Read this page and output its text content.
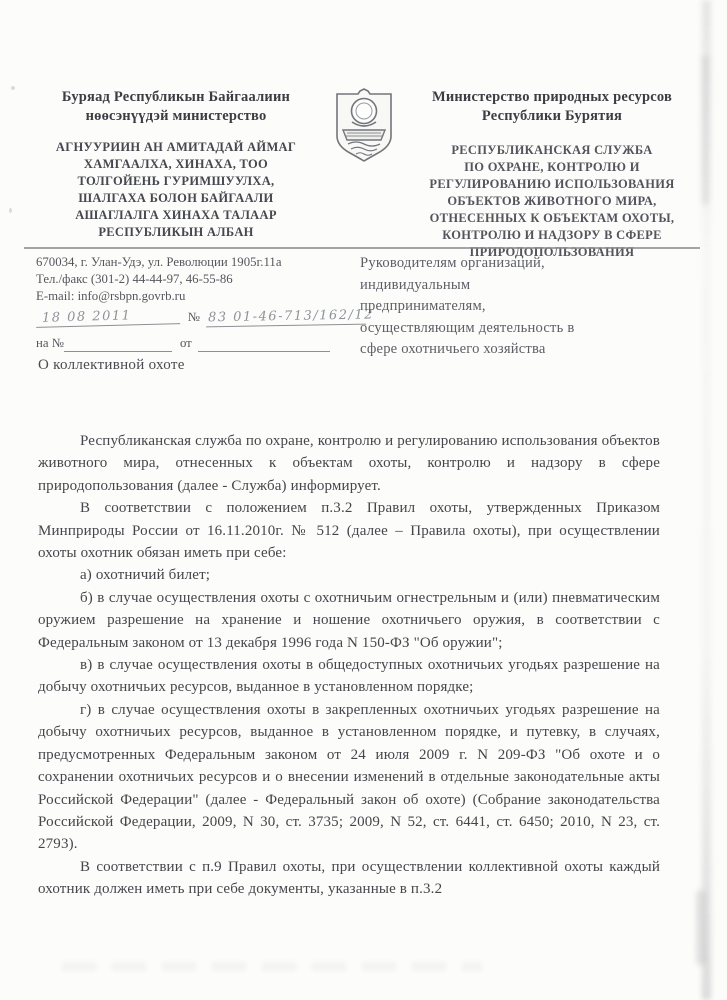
Буряад Республикын Байгаалиин
нөөсэнүүдэй министерство
АГНУУРИИН АН АМИТАДАЙ АЙМАГ
ХАМГААЛХА, ХИНАХА, ТОО
ТОЛГОЙЕНЬ ГУРИМШУУЛХА,
ШАЛГАХА БОЛОН БАЙГААЛИ
АШАГЛАЛГА ХИНАХА ТАЛААР
РЕСПУБЛИКЫН АЛБАН
Министерство природных ресурсов
Республики Бурятия
РЕСПУБЛИКАНСКАЯ СЛУЖБА
ПО ОХРАНЕ, КОНТРОЛЮ И
РЕГУЛИРОВАНИЮ ИСПОЛЬЗОВАНИЯ
ОБЪЕКТОВ ЖИВОТНОГО МИРА,
ОТНЕСЕННЫХ К ОБЪЕКТАМ ОХОТЫ,
КОНТРОЛЮ И НАДЗОРУ В СФЕРЕ
ПРИРОДОПОЛЬЗОВАНИЯ
670034, г. Улан-Удэ, ул. Революции 1905г.11а
Тел./факс (301-2) 44-44-97, 46-55-86
E-mail: info@rsbpn.govrb.ru
18 08 2011	№ 83 01-46-713/162/12
на №
	от

Руководителям организаций,
индивидуальным
предпринимателям,
осуществляющим деятельность в
сфере охотничьего хозяйства
О коллективной охоте

Республиканская служба по охране, контролю и регулированию использования объектов животного мира, отнесенных к объектам охоты, контролю и надзору в сфере природопользования (далее - Служба) информирует.

В соответствии с положением п.3.2 Правил охоты, утвержденных Приказом Минприроды России от 16.11.2010г. № 512 (далее – Правила охоты), при осуществлении охоты охотник обязан иметь при себе:

а) охотничий билет;

б) в случае осуществления охоты с охотничьим огнестрельным и (или) пневматическим оружием разрешение на хранение и ношение охотничьего оружия, в соответствии с Федеральным законом от 13 декабря 1996 года N 150-ФЗ "Об оружии";

в) в случае осуществления охоты в общедоступных охотничьих угодьях разрешение на добычу охотничьих ресурсов, выданное в установленном порядке;

г) в случае осуществления охоты в закрепленных охотничьих угодьях разрешение на добычу охотничьих ресурсов, выданное в установленном порядке, и путевку, в случаях, предусмотренных Федеральным законом от 24 июля 2009 г. N 209-ФЗ "Об охоте и о сохранении охотничьих ресурсов и о внесении изменений в отдельные законодательные акты Российской Федерации" (далее - Федеральный закон об охоте) (Собрание законодательства Российской Федерации, 2009, N 30, ст. 3735; 2009, N 52, ст. 6441, ст. 6450; 2010, N 23, ст. 2793).

В соответствии с п.9 Правил охоты, при осуществлении коллективной охоты каждый охотник должен иметь при себе документы, указанные в п.3.2
